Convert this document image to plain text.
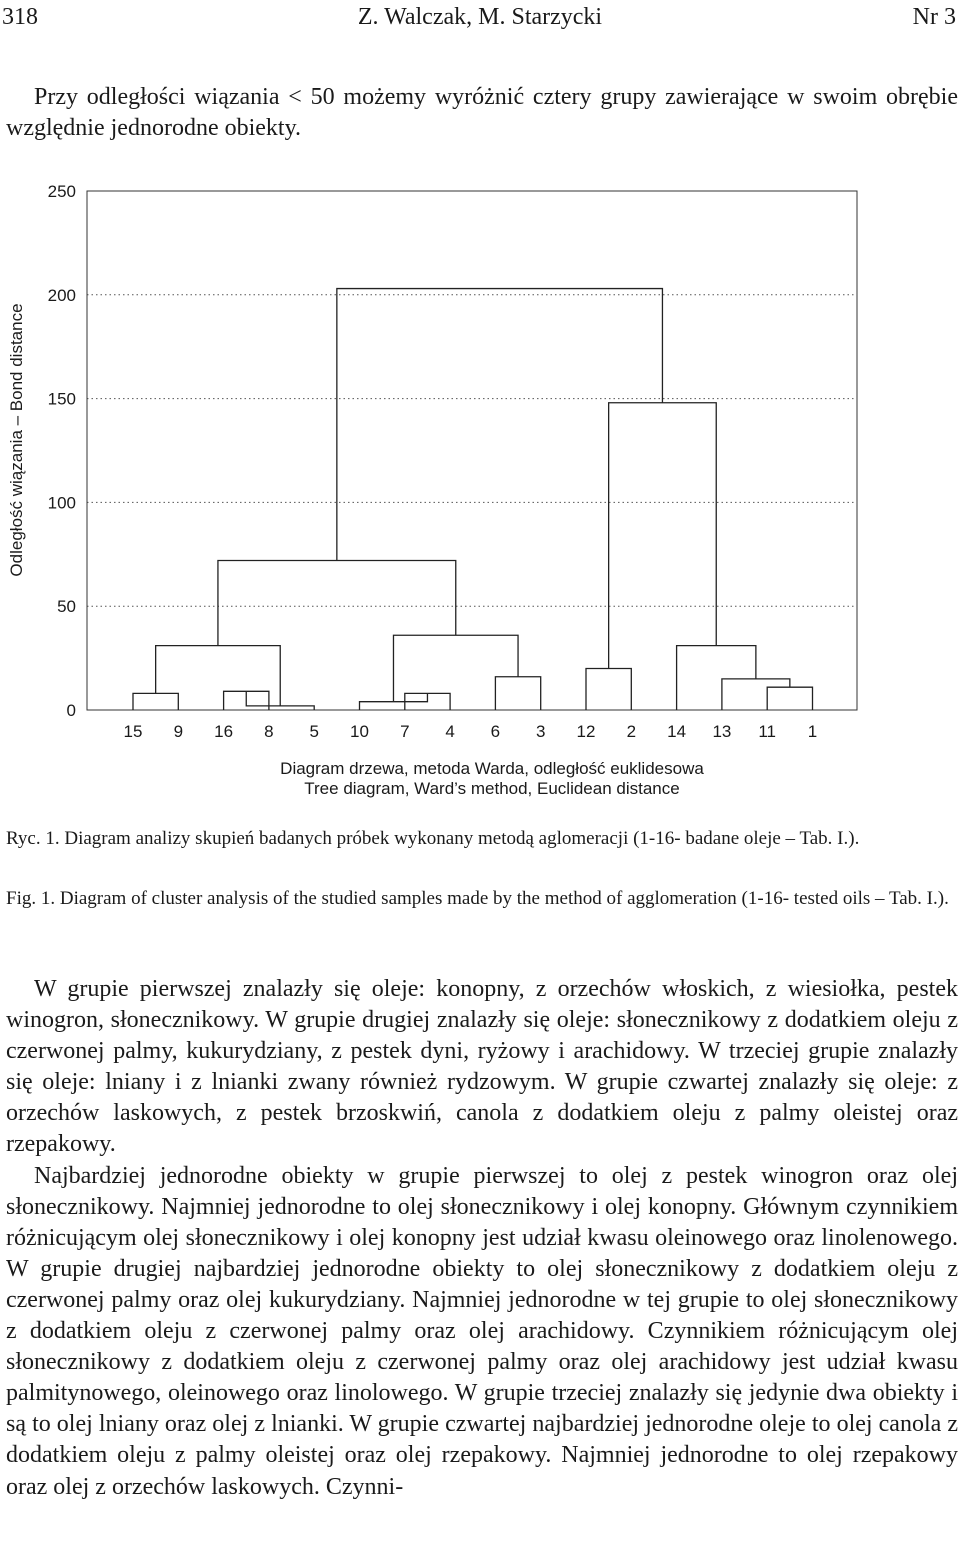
318	Z. Walczak, M. Starzycki	Nr 3

Przy odległości wiązania < 50 możemy wyróżnić cztery grupy zawierające w swoim obrębie względnie jednorodne obiekty.

0
50
100
150
200
250
15 9 16 8 5 10 7 4 6 3 12 2 14 13 11 1
Odległość wiązania – Bond distance
Diagram drzewa, metoda Warda, odległość euklidesowa
Tree diagram, Ward’s method, Euclidean distance

Ryc. 1. Diagram analizy skupień badanych próbek wykonany metodą aglomeracji (1-16- badane oleje – Tab. I.).

Fig. 1. Diagram of cluster analysis of the studied samples made by the method of agglomeration (1-16- tested oils – Tab. I.).

W grupie pierwszej znalazły się oleje: konopny, z orzechów włoskich, z wiesiołka, pestek winogron, słonecznikowy. W grupie drugiej znalazły się oleje: słonecznikowy z dodatkiem oleju z czerwonej palmy, kukurydziany, z pestek dyni, ryżowy i arachidowy. W trzeciej grupie znalazły się oleje: lniany i z lnianki zwany również rydzowym. W grupie czwartej znalazły się oleje: z orzechów laskowych, z pestek brzoskwiń, canola z dodatkiem oleju z palmy oleistej oraz rzepakowy.

Najbardziej jednorodne obiekty w grupie pierwszej to olej z pestek winogron oraz olej słonecznikowy. Najmniej jednorodne to olej słonecznikowy i olej konopny. Głównym czynnikiem różnicującym olej słonecznikowy i olej konopny jest udział kwasu oleinowego oraz linolenowego. W grupie drugiej najbardziej jednorodne obiekty to olej słonecznikowy z dodatkiem oleju z czerwonej palmy oraz olej kukurydziany. Najmniej jednorodne w tej grupie to olej słonecznikowy z dodatkiem oleju z czerwonej palmy oraz olej arachidowy. Czynnikiem różnicującym olej słonecznikowy z dodatkiem oleju z czerwonej palmy oraz olej arachidowy jest udział kwasu palmitynowego, oleinowego oraz linolowego. W grupie trzeciej znalazły się jedynie dwa obiekty i są to olej lniany oraz olej z lnianki. W grupie czwartej najbardziej jednorodne oleje to olej canola z dodatkiem oleju z palmy oleistej oraz olej rzepakowy. Najmniej jednorodne to olej rzepakowy oraz olej z orzechów laskowych. Czynni-
